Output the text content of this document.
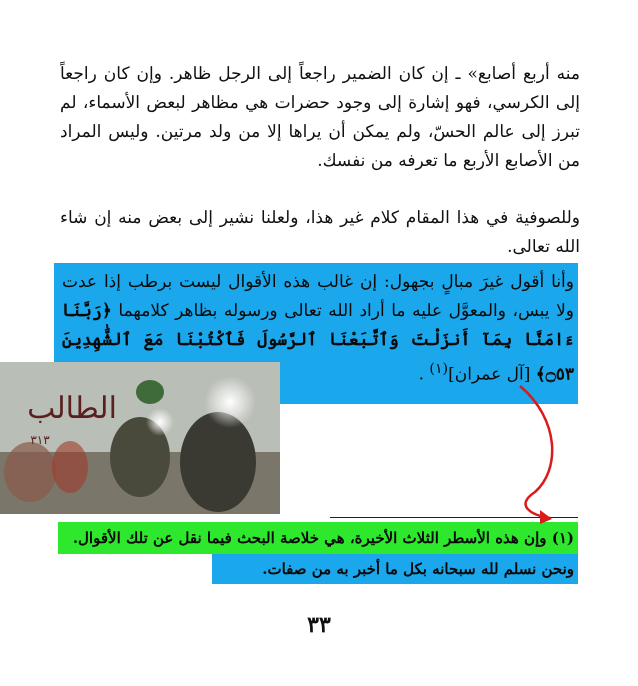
منه أربع أصابع» ـ إن كان الضمير راجعاً إلى الرجل ظاهر. وإن كان راجعاً إلى الكرسي، فهو إشارة إلى وجود حضرات هي مظاهر لبعض الأسماء، لم تبرز إلى عالم الحسّ، ولم يمكن أن يراها إلا من ولد مرتين. وليس المراد من الأصابع الأربع ما تعرفه من نفسك.
وللصوفية في هذا المقام كلام غير هذا، ولعلنا نشير إلى بعض منه إن شاء الله تعالى.
وأنا أقول غيرَ مبالٍ بجهول: إن غالب هذه الأقوال ليست برطب إذا عدت ولا يبس، والمعوَّل عليه ما أراد الله تعالى ورسوله بظاهر كلامهما ﴿رَبَّنَا ءَامَنَّا بِمَآ أَنزَلْتَ وَٱتَّبَعْنَا ٱلرَّسُولَ فَٱكْتُبْنَا مَعَ ٱلشَّٰهِدِينَ ۝٥٣﴾ [آل عمران]$^{(١)}$ .
الطالب
٣١٣
(١) وإن هذه الأسطر الثلاث الأخيرة، هي خلاصة البحث فيما نقل عن تلك الأقوال.
ونحن نسلم لله سبحانه بكل ما أخبر به من صفات.
٣٣
